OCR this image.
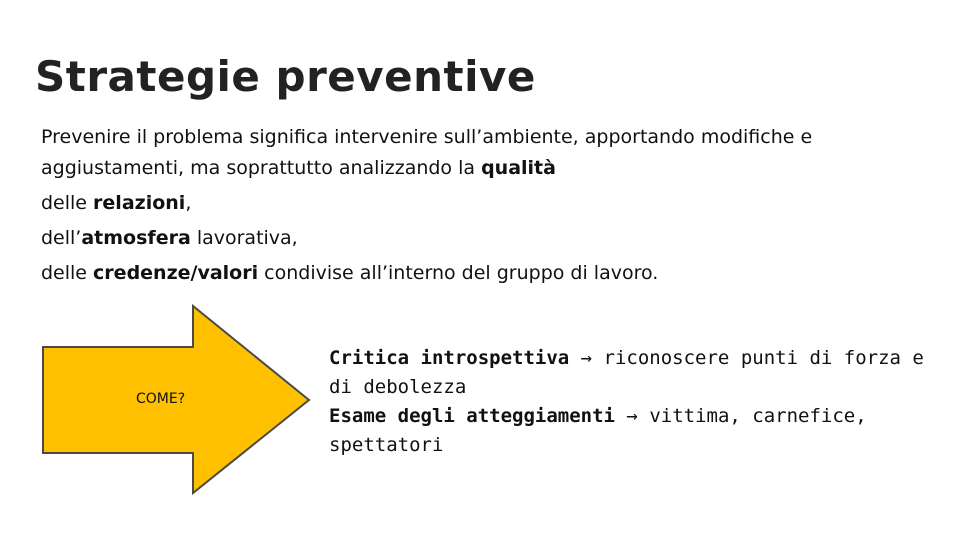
Strategie preventive

Prevenire il problema significa intervenire sull’ambiente, apportando modifiche e aggiustamenti, ma soprattutto analizzando la qualità

delle relazioni,

dell’atmosfera lavorativa,

delle credenze/valori condivise all’interno del gruppo di lavoro.

COME?

Critica introspettiva → riconoscere punti di forza e di debolezza

Esame degli atteggiamenti → vittima, carnefice, spettatori
